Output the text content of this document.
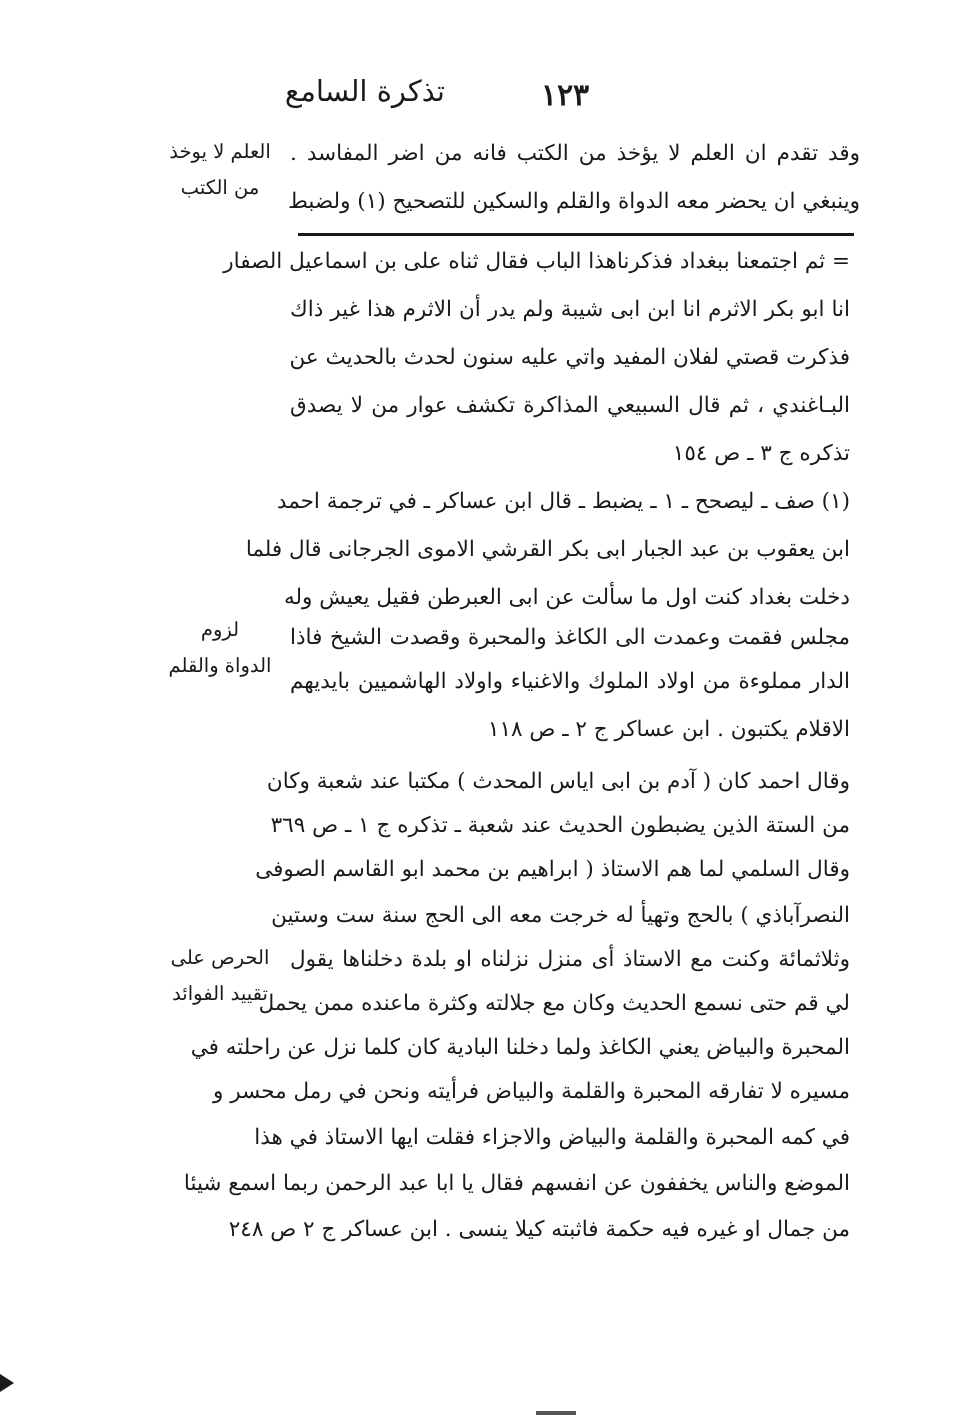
تذكرة السامع	١٢٣
العلم لا يوخذ
من الكتب
لزوم
الدواة والقلم
الحرص على
تقييد الفوائد
وقد تقدم ان العلم لا يؤخذ من الكتب فانه من اضر المفاسد .
وينبغي ان يحضر معه الدواة والقلم والسكين للتصحيح (١) ولضبط
= ثم اجتمعنا ببغداد فذكرناهذا الباب فقال ثناه على بن اسماعيل الصفار
انا ابو بكر الاثرم انا ابن ابى شيبة ولم يدر أن الاثرم هذا غير ذاك
فذكرت قصتي لفلان المفيد واتي عليه سنون لحدث بالحديث عن
البـاغندي ، ثم قال السبيعي المذاكرة تكشف عوار من لا يصدق
تذكره ج ٣ ـ ص ١٥٤
(١) صف ـ ليصحح ـ ١ ـ يضبط ـ قال ابن عساكر ـ في ترجمة احمد
ابن يعقوب بن عبد الجبار ابى بكر القرشي الاموى الجرجانى قال فلما
دخلت بغداد كنت اول ما سألت عن ابى العبرطن فقيل يعيش وله
مجلس فقمت وعمدت الى الكاغذ والمحبرة وقصدت الشيخ فاذا
الدار مملوءة من اولاد الملوك والاغنياء واولاد الهاشميين بايديهم
الاقلام يكتبون . ابن عساكر ج ٢ ـ ص ١١٨
وقال احمد كان ( آدم بن ابى اياس المحدث ) مكتبا عند شعبة وكان
من الستة الذين يضبطون الحديث عند شعبة ـ تذكره ج ١ ـ ص ٣٦٩
وقال السلمي لما هم الاستاذ ( ابراهيم بن محمد ابو القاسم الصوفى
النصرآباذي ) بالحج وتهيأ له خرجت معه الى الحج سنة ست وستين
وثلاثمائة وكنت مع الاستاذ أى منزل نزلناه او بلدة دخلناها يقول
لي قم حتى نسمع الحديث وكان مع جلالته وكثرة ماعنده ممن يحمل
المحبرة والبياض يعني الكاغذ ولما دخلنا البادية كان كلما نزل عن راحلته في
مسيره لا تفارقه المحبرة والقلمة والبياض فرأيته ونحن في رمل محسر و
في كمه المحبرة والقلمة والبياض والاجزاء فقلت ايها الاستاذ في هذا
الموضع والناس يخففون عن انفسهم فقال يا ابا عبد الرحمن ربما اسمع شيئا
من جمال او غيره فيه حكمة فاثبته كيلا ينسى . ابن عساكر ج ٢ ص ٢٤٨
